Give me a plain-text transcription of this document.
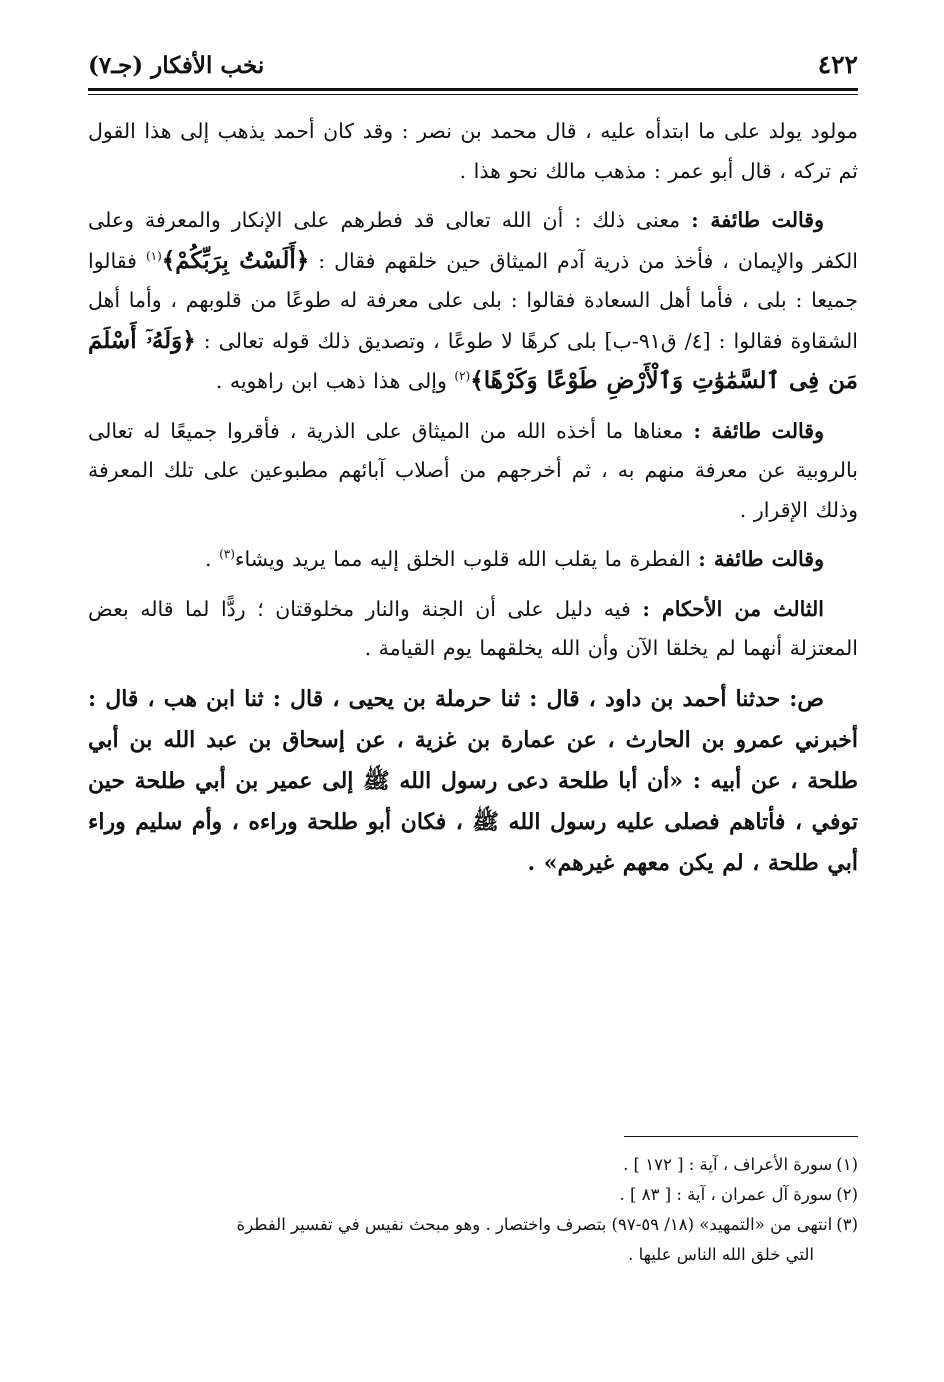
٤٢٢
نخب الأفكار (جـ٧)

مولود يولد على ما ابتدأه عليه ، قال محمد بن نصر : وقد كان أحمد يذهب إلى هذا القول ثم تركه ، قال أبو عمر : مذهب مالك نحو هذا .

وقالت طائفة : معنى ذلك : أن الله تعالى قد فطرهم على الإنكار والمعرفة وعلى الكفر والإيمان ، فأخذ من ذرية آدم الميثاق حين خلقهم فقال : ﴿أَلَسْتُ بِرَبِّكُمْ﴾$^{(١)}$ فقالوا جميعا : بلى ، فأما أهل السعادة فقالوا : بلى على معرفة له طوعًا من قلوبهم ، وأما أهل الشقاوة فقالوا : [٤/ ق٩١-ب] بلى كرهًا لا طوعًا ، وتصديق ذلك قوله تعالى : ﴿وَلَهُۥٓ أَسْلَمَ مَن فِى ٱلسَّمَٰوَٰتِ وَٱلْأَرْضِ طَوْعًا وَكَرْهًا﴾$^{(٢)}$ وإلى هذا ذهب ابن راهويه .

وقالت طائفة : معناها ما أخذه الله من الميثاق على الذرية ، فأقروا جميعًا له تعالى بالروبية عن معرفة منهم به ، ثم أخرجهم من أصلاب آبائهم مطبوعين على تلك المعرفة وذلك الإقرار .

وقالت طائفة : الفطرة ما يقلب الله قلوب الخلق إليه مما يريد ويشاء$^{(٣)}$ .

الثالث من الأحكام : فيه دليل على أن الجنة والنار مخلوقتان ؛ ردًّا لما قاله بعض المعتزلة أنهما لم يخلقا الآن وأن الله يخلقهما يوم القيامة .

ص: حدثنا أحمد بن داود ، قال : ثنا حرملة بن يحيى ، قال : ثنا ابن هب ، قال : أخبرني عمرو بن الحارث ، عن عمارة بن غزية ، عن إسحاق بن عبد الله بن أبي طلحة ، عن أبيه : «أن أبا طلحة دعى رسول الله ﷺ إلى عمير بن أبي طلحة حين توفي ، فأتاهم فصلى عليه رسول الله ﷺ ، فكان أبو طلحة وراءه ، وأم سليم وراء أبي طلحة ، لم يكن معهم غيرهم» .

(١)سورة الأعراف ، آية : [ ١٧٢ ] .

(٢)سورة آل عمران ، آية : [ ٨٣ ] .

(٣)انتهى من «التمهيد» (١٨/ ٥٩-٩٧) بتصرف واختصار . وهو مبحث نفيس في تفسير الفطرة
التي خلق الله الناس عليها .
